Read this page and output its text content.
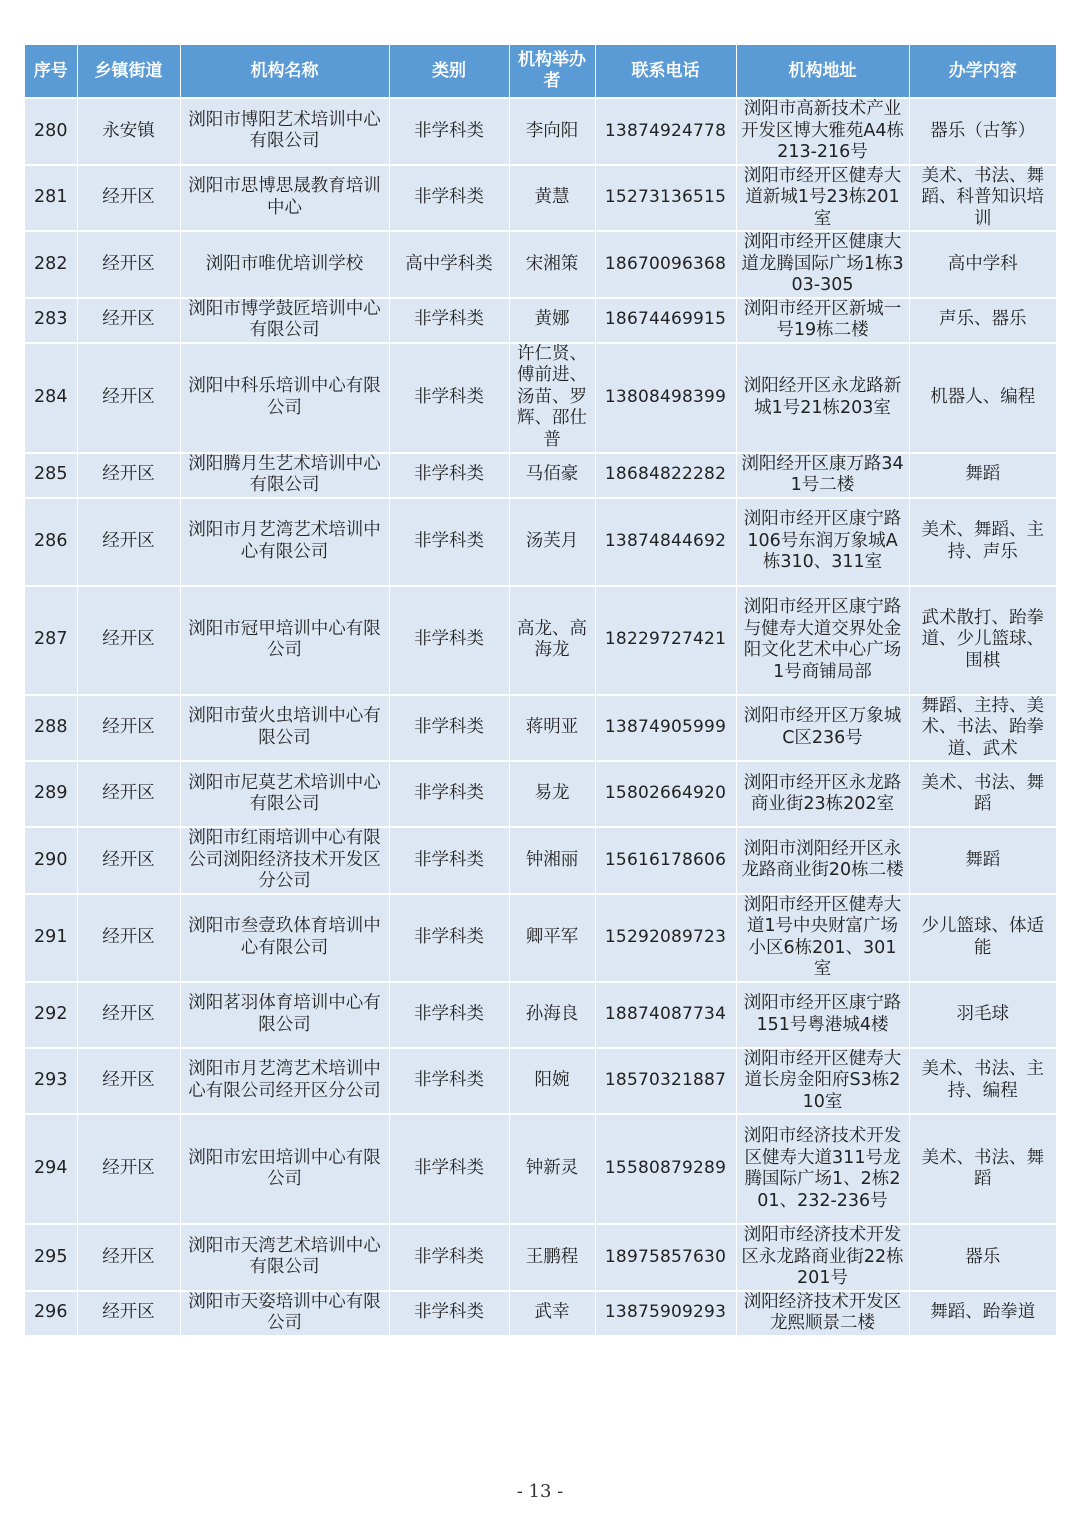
序号	乡镇街道	机构名称	类别	机构举办者	联系电话	机构地址	办学内容
280	永安镇	浏阳市博阳艺术培训中心有限公司	非学科类	李向阳	13874924778	浏阳市高新技术产业开发区博大雅苑A4栋213-216号	器乐（古筝）
281	经开区	浏阳市思博思晟教育培训中心	非学科类	黄慧	15273136515	浏阳市经开区健寿大道新城1号23栋201室	美术、书法、舞蹈、科普知识培训
282	经开区	浏阳市唯优培训学校	高中学科类	宋湘策	18670096368	浏阳市经开区健康大道龙腾国际广场1栋303-305	高中学科
283	经开区	浏阳市博学鼓匠培训中心有限公司	非学科类	黄娜	18674469915	浏阳市经开区新城一号19栋二楼	声乐、器乐
284	经开区	浏阳中科乐培训中心有限公司	非学科类	许仁贤、傅前进、汤苗、罗辉、邵仕普	13808498399	浏阳经开区永龙路新城1号21栋203室	机器人、编程
285	经开区	浏阳腾月生艺术培训中心有限公司	非学科类	马佰豪	18684822282	浏阳经开区康万路341号二楼	舞蹈
286	经开区	浏阳市月艺湾艺术培训中心有限公司	非学科类	汤芙月	13874844692	浏阳市经开区康宁路106号东润万象城A栋310、311室	美术、舞蹈、主持、声乐
287	经开区	浏阳市冠甲培训中心有限公司	非学科类	高龙、高海龙	18229727421	浏阳市经开区康宁路与健寿大道交界处金阳文化艺术中心广场1号商铺局部	武术散打、跆拳道、少儿篮球、围棋
288	经开区	浏阳市萤火虫培训中心有限公司	非学科类	蒋明亚	13874905999	浏阳市经开区万象城C区236号	舞蹈、主持、美术、书法、跆拳道、武术
289	经开区	浏阳市尼莫艺术培训中心有限公司	非学科类	易龙	15802664920	浏阳市经开区永龙路商业街23栋202室	美术、书法、舞蹈
290	经开区	浏阳市红雨培训中心有限公司浏阳经济技术开发区分公司	非学科类	钟湘丽	15616178606	浏阳市浏阳经开区永龙路商业街20栋二楼	舞蹈
291	经开区	浏阳市叁壹玖体育培训中心有限公司	非学科类	卿平军	15292089723	浏阳市经开区健寿大道1号中央财富广场小区6栋201、301室	少儿篮球、体适能
292	经开区	浏阳茗羽体育培训中心有限公司	非学科类	孙海良	18874087734	浏阳市经开区康宁路151号粤港城4楼	羽毛球
293	经开区	浏阳市月艺湾艺术培训中心有限公司经开区分公司	非学科类	阳婉	18570321887	浏阳市经开区健寿大道长房金阳府S3栋210室	美术、书法、主持、编程
294	经开区	浏阳市宏田培训中心有限公司	非学科类	钟新灵	15580879289	浏阳市经济技术开发区健寿大道311号龙腾国际广场1、2栋201、232-236号	美术、书法、舞蹈
295	经开区	浏阳市天湾艺术培训中心有限公司	非学科类	王鹏程	18975857630	浏阳市经济技术开发区永龙路商业街22栋201号	器乐
296	经开区	浏阳市天姿培训中心有限公司	非学科类	武幸	13875909293	浏阳经济技术开发区龙熙顺景二楼	舞蹈、跆拳道
- 13 -
